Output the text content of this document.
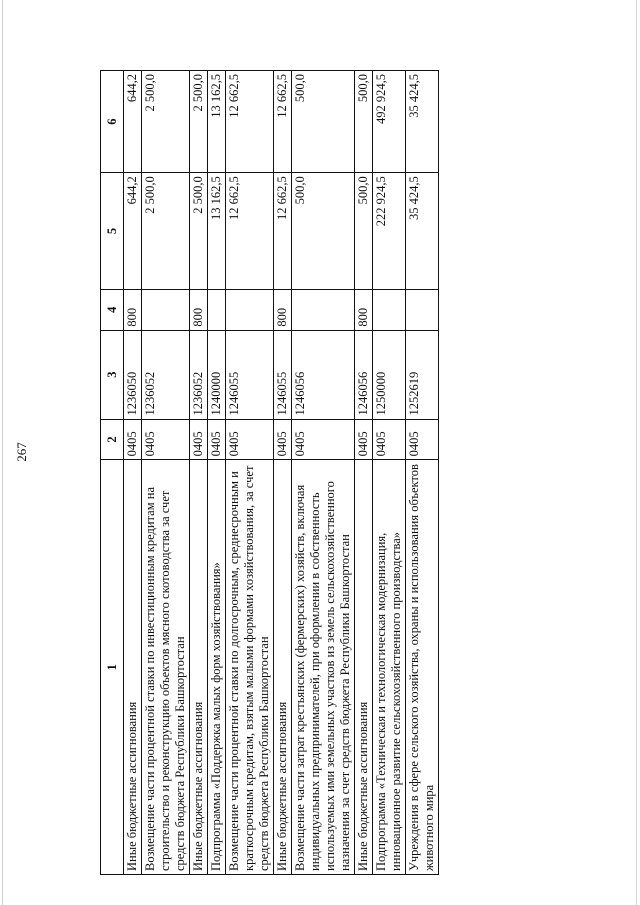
267
1	2	3	4	5	6
Иные бюджетные ассигнования	0405	1236050	800	644,2	644,2
Возмещение части процентной ставки по инвестиционным кредитам на строительство и реконструкцию объектов мясного скотоводства за счет средств бюджета Республики Башкортостан	0405	1236052		2 500,0	2 500,0
Иные бюджетные ассигнования	0405	1236052	800	2 500,0	2 500,0
Подпрограмма «Поддержка малых форм хозяйствования»	0405	1240000		13 162,5	13 162,5
Возмещение части процентной ставки по долгосрочным, среднесрочным и краткосрочным кредитам, взятым малыми формами хозяйствования, за счет средств бюджета Республики Башкортостан	0405	1246055		12 662,5	12 662,5
Иные бюджетные ассигнования	0405	1246055	800	12 662,5	12 662,5
Возмещение части затрат крестьянских (фермерских) хозяйств, включая индивидуальных предпринимателей, при оформлении в собственность используемых ими земельных участков из земель сельскохозяйственного назначения за счет средств бюджета Республики Башкортостан	0405	1246056		500,0	500,0
Иные бюджетные ассигнования	0405	1246056	800	500,0	500,0
Подпрограмма «Техническая и технологическая модернизация, инновационное развитие сельскохозяйственного производства»	0405	1250000		222 924,5	492 924,5
Учреждения в сфере сельского хозяйства, охраны и использования объектов животного мира	0405	1252619		35 424,5	35 424,5
